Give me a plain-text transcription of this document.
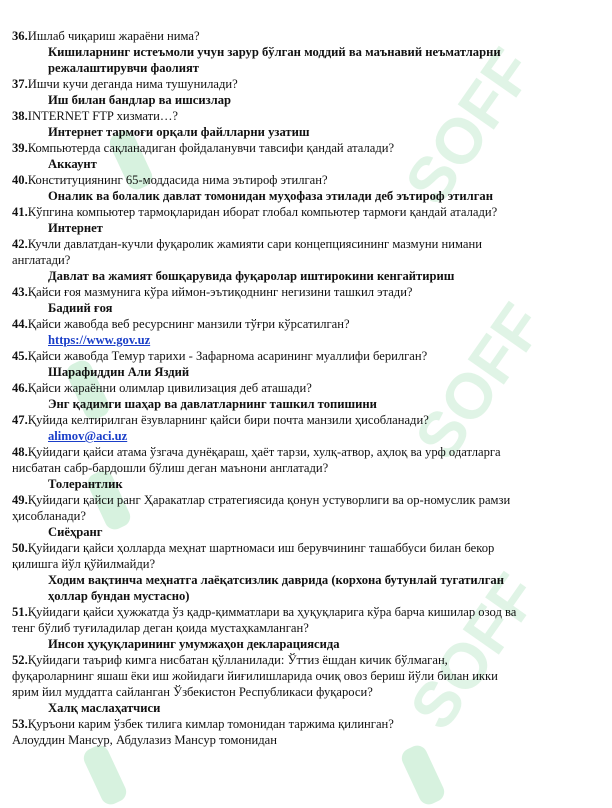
SOFF
SOFF
SOFF
36.Ишлаб чиқариш жараёни нима?
Кишиларнинг истеъмоли учун зарур бўлган моддий ва маънавий неъматларни
режалаштирувчи фаолият
37.Ишчи кучи деганда нима тушунилади?
Иш билан бандлар ва ишсизлар
38.INTERNET FTP хизмати…?
Интернет тармоғи орқали файлларни узатиш
39.Компьютерда сақланадиган фойдаланувчи тавсифи қандай аталади?
Аккаунт
40.Конституциянинг 65-моддасида нима эътироф этилган?
Оналик ва болалик давлат томонидан муҳофаза этилади деб эътироф этилган
41.Кўпгина компьютер тармоқларидан иборат глобал компьютер тармоғи қандай аталади?
Интернет
42.Кучли давлатдан-кучли фуқаролик жамияти сари концепциясининг мазмуни нимани
англатади?
Давлат ва жамият бошқарувида фуқаролар иштирокини кенгайтириш
43.Қайси ғоя мазмунига кўра иймон-эътиқоднинг негизини ташкил этади?
Бадиий ғоя
44.Қайси жавобда веб ресурснинг манзили тўғри кўрсатилган?
https://www.gov.uz
45.Қайси жавобда Темур тарихи - Зафарнома асарининг муаллифи берилган?
Шарафиддин Али Яздий
46.Қайси жараённи олимлар цивилизация деб аташади?
Энг қадимги шаҳар ва давлатларнинг ташкил топишини
47.Қуйида келтирилган ёзувларнинг қайси бири почта манзили ҳисобланади?
alimov@aci.uz
48.Қуйидаги қайси атама ўзгача дунёқараш, ҳаёт тарзи, хулқ-атвор, аҳлоқ ва урф одатларга
нисбатан сабр-бардошли бўлиш деган маънони англатади?
Толерантлик
49.Қуйидаги қайси ранг Ҳаракатлар стратегиясида қонун устуворлиги ва ор-номуслик рамзи
ҳисобланади?
Сиёҳранг
50.Қуйидаги қайси ҳолларда меҳнат шартномаси иш берувчининг ташаббуси билан бекор
қилишга йўл қўйилмайди?
Ходим вақтинча меҳнатга лаёқатсизлик даврида (корхона бутунлай тугатилган
ҳоллар бундан мустасно)
51.Қуйидаги қайси ҳужжатда ўз қадр-қимматлари ва ҳуқуқларига кўра барча кишилар озод ва
тенг бўлиб туғиладилар деган қоида мустаҳкамланган?
Инсон ҳуқуқларининг умумжаҳон декларациясида
52.Қуйидаги таъриф кимга нисбатан қўлланилади: Ўттиз ёшдан кичик бўлмаган,
фуқароларнинг яшаш ёки иш жойидаги йиғилишларида очиқ овоз бериш йўли билан икки
ярим йил муддатга сайланган Ўзбекистон Республикаси фуқароси?
Халқ маслаҳатчиси
53.Қуръони карим ўзбек тилига кимлар томонидан таржима қилинган?
Алоуддин Мансур, Абдулазиз Мансур томонидан
